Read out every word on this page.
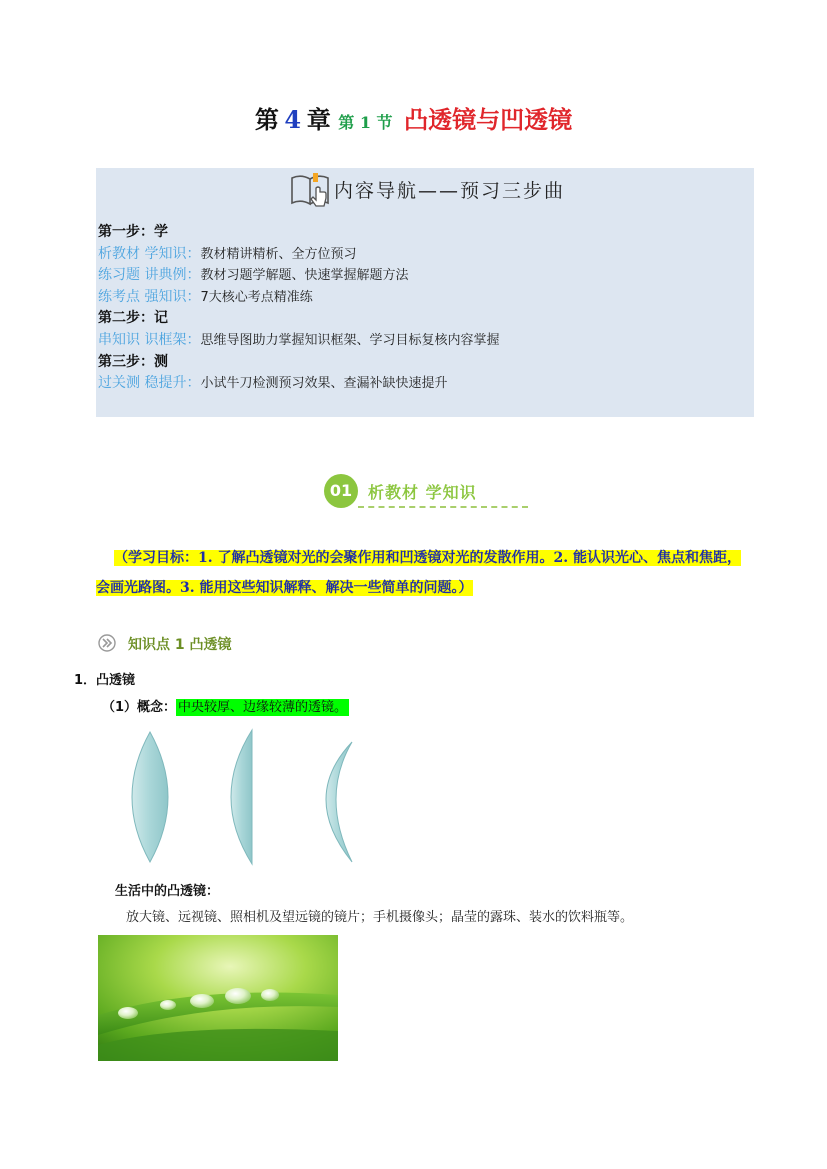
第 4 章 第 1 节 凸透镜与凹透镜
内容导航——预习三步曲
第一步：学
析教材 学知识：教材精讲精析、全方位预习
练习题 讲典例：教材习题学解题、快速掌握解题方法
练考点 强知识：7大核心考点精准练
第二步：记
串知识 识框架：思维导图助力掌握知识框架、学习目标复核内容掌握
第三步：测
过关测 稳提升：小试牛刀检测预习效果、查漏补缺快速提升
01 析教材 学知识
（学习目标：1. 了解凸透镜对光的会聚作用和凹透镜对光的发散作用。2. 能认识光心、焦点和焦距，
会画光路图。3. 能用这些知识解释、解决一些简单的问题。）
知识点 1 凸透镜
1．凸透镜
（1）概念： 中央较厚、边缘较薄的透镜。
生活中的凸透镜：
放大镜、远视镜、照相机及望远镜的镜片；手机摄像头；晶莹的露珠、装水的饮料瓶等。
